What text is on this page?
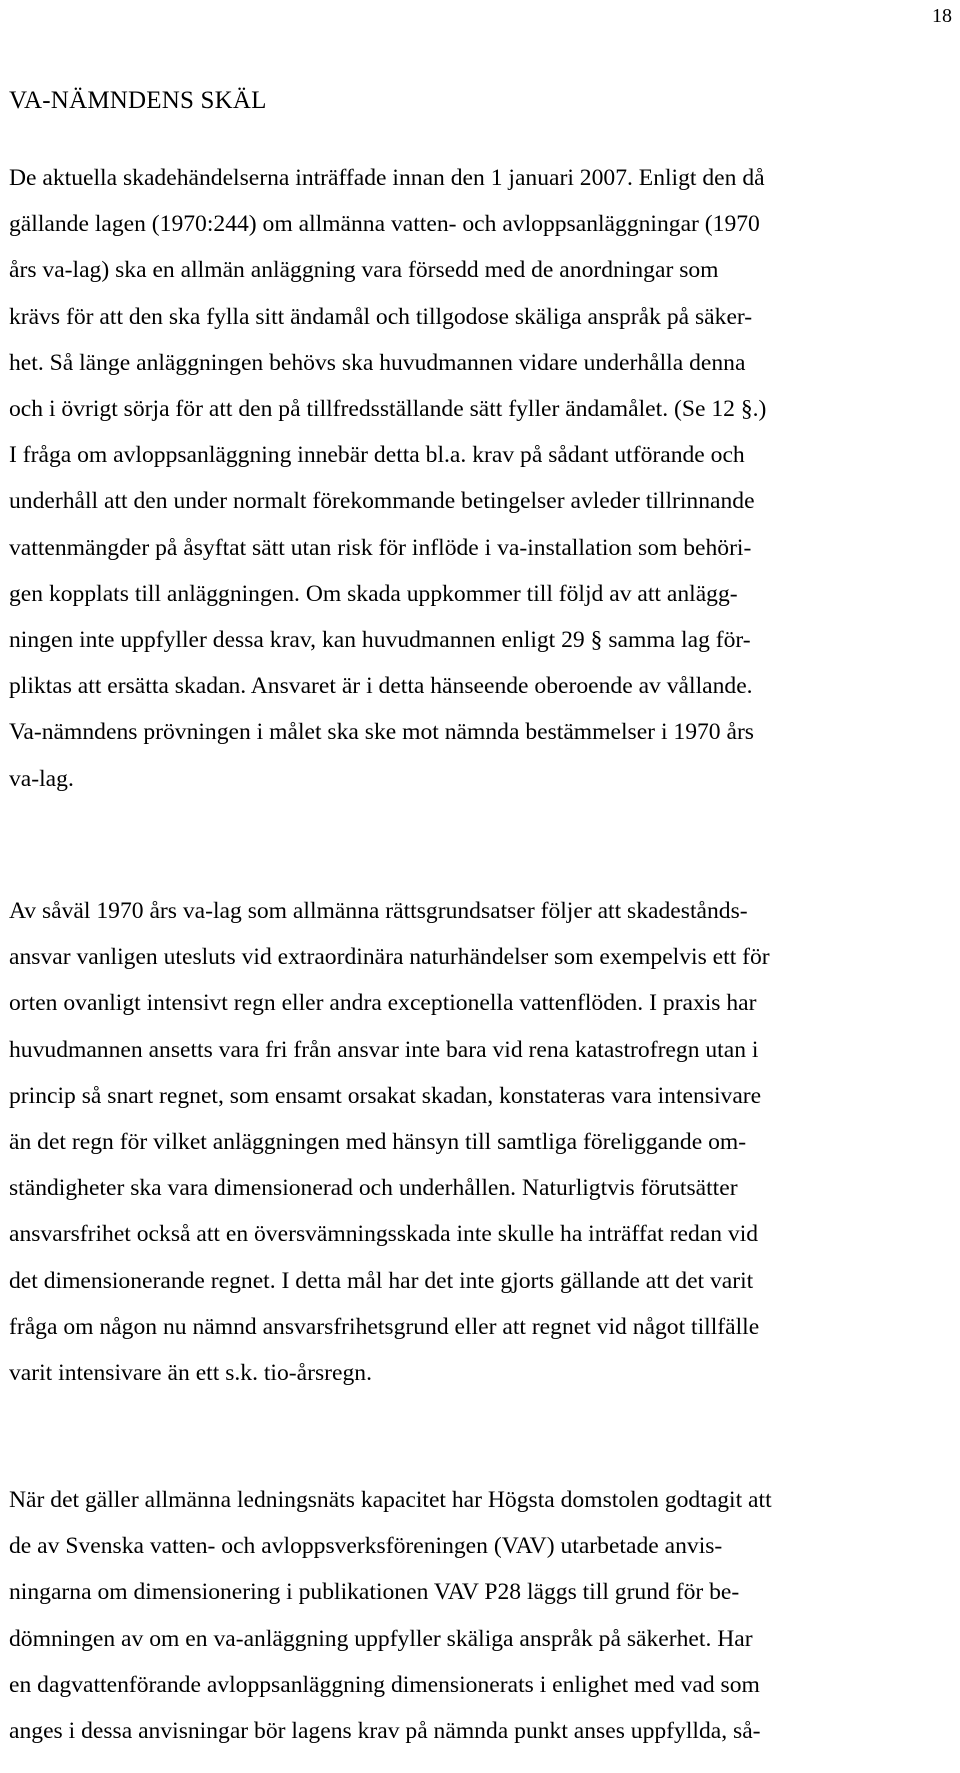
18
VA-NÄMNDENS SKÄL

De aktuella skadehändelserna inträffade innan den 1 januari 2007. Enligt den då
gällande lagen (1970:244) om allmänna vatten- och avloppsanläggningar (1970
års va-lag) ska en allmän anläggning vara försedd med de anordningar som
krävs för att den ska fylla sitt ändamål och tillgodose skäliga anspråk på säker-
het. Så länge anläggningen behövs ska huvudmannen vidare underhålla denna
och i övrigt sörja för att den på tillfredsställande sätt fyller ändamålet. (Se 12 §.)
I fråga om avloppsanläggning innebär detta bl.a. krav på sådant utförande och
underhåll att den under normalt förekommande betingelser avleder tillrinnande
vattenmängder på åsyftat sätt utan risk för inflöde i va-installation som behöri-
gen kopplats till anläggningen. Om skada uppkommer till följd av att anlägg-
ningen inte uppfyller dessa krav, kan huvudmannen enligt 29 § samma lag för-
pliktas att ersätta skadan. Ansvaret är i detta hänseende oberoende av vållande.
Va-nämndens prövningen i målet ska ske mot nämnda bestämmelser i 1970 års
va-lag.

Av såväl 1970 års va-lag som allmänna rättsgrundsatser följer att skadestånds-
ansvar vanligen utesluts vid extraordinära naturhändelser som exempelvis ett för
orten ovanligt intensivt regn eller andra exceptionella vattenflöden. I praxis har
huvudmannen ansetts vara fri från ansvar inte bara vid rena katastrofregn utan i
princip så snart regnet, som ensamt orsakat skadan, konstateras vara intensivare
än det regn för vilket anläggningen med hänsyn till samtliga föreliggande om-
ständigheter ska vara dimensionerad och underhållen. Naturligtvis förutsätter
ansvarsfrihet också att en översvämningsskada inte skulle ha inträffat redan vid
det dimensionerande regnet. I detta mål har det inte gjorts gällande att det varit
fråga om någon nu nämnd ansvarsfrihetsgrund eller att regnet vid något tillfälle
varit intensivare än ett s.k. tio-årsregn.

När det gäller allmänna ledningsnäts kapacitet har Högsta domstolen godtagit att
de av Svenska vatten- och avloppsverksföreningen (VAV) utarbetade anvis-
ningarna om dimensionering i publikationen VAV P28 läggs till grund för be-
dömningen av om en va-anläggning uppfyller skäliga anspråk på säkerhet. Har
en dagvattenförande avloppsanläggning dimensionerats i enlighet med vad som
anges i dessa anvisningar bör lagens krav på nämnda punkt anses uppfyllda, så-
